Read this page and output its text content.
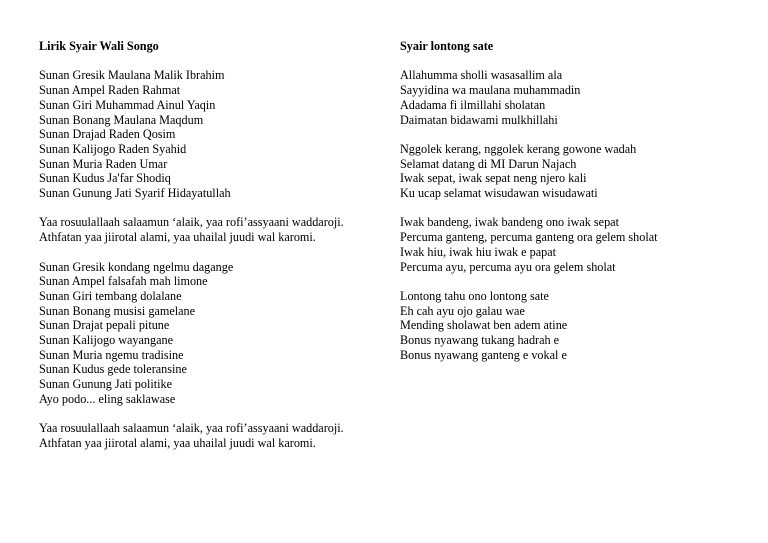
Lirik Syair Wali Songo
Sunan Gresik Maulana Malik Ibrahim
Sunan Ampel Raden Rahmat
Sunan Giri Muhammad Ainul Yaqin
Sunan Bonang Maulana Maqdum
Sunan Drajad Raden Qosim
Sunan Kalijogo Raden Syahid
Sunan Muria Raden Umar
Sunan Kudus Ja'far Shodiq
Sunan Gunung Jati Syarif Hidayatullah
Yaa rosuulallaah salaamun ‘alaik, yaa rofi’assyaani waddaroji.
Athfatan yaa jiirotal alami, yaa uhailal juudi wal karomi.
Sunan Gresik kondang ngelmu dagange
Sunan Ampel falsafah mah limone
Sunan Giri tembang dolalane
Sunan Bonang musisi gamelane
Sunan Drajat pepali pitune
Sunan Kalijogo wayangane
Sunan Muria ngemu tradisine
Sunan Kudus gede toleransine
Sunan Gunung Jati politike
Ayo podo... eling saklawase
Yaa rosuulallaah salaamun ‘alaik, yaa rofi’assyaani waddaroji.
Athfatan yaa jiirotal alami, yaa uhailal juudi wal karomi.
Syair lontong sate
Allahumma sholli wasasallim ala
Sayyidina wa maulana muhammadin
Adadama fi ilmillahi sholatan
Daimatan bidawami mulkhillahi
Nggolek kerang, nggolek kerang gowone wadah
Selamat datang di MI Darun Najach
Iwak sepat, iwak sepat neng njero kali
Ku ucap selamat wisudawan wisudawati
Iwak bandeng, iwak bandeng ono iwak sepat
Percuma ganteng, percuma ganteng ora gelem sholat
Iwak hiu, iwak hiu iwak e papat
Percuma ayu, percuma ayu ora gelem sholat
Lontong tahu ono lontong sate
Eh cah ayu ojo galau wae
Mending sholawat ben adem atine
Bonus nyawang tukang hadrah e
Bonus nyawang ganteng e vokal e
